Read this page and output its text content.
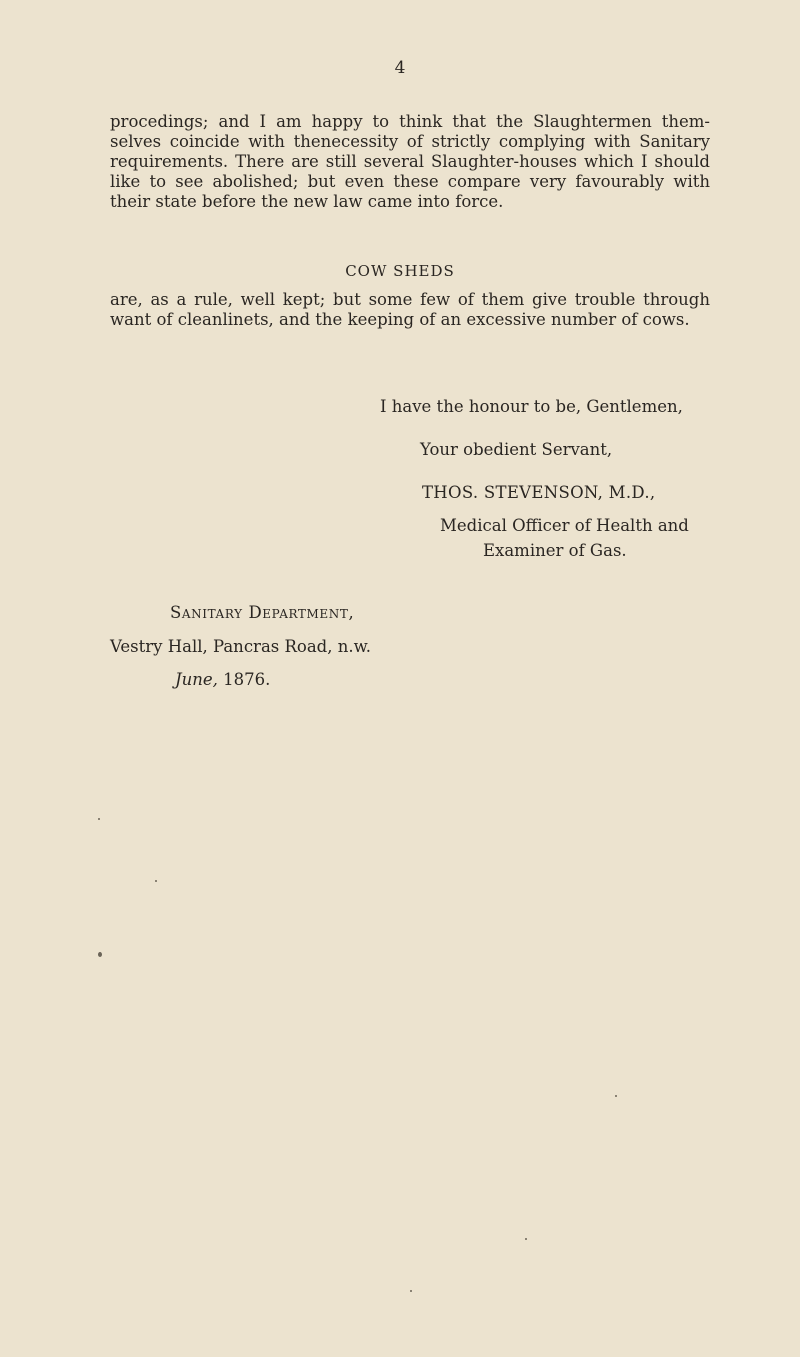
4

procedings; and I am happy to think that the Slaughtermen them-selves coincide with thenecessity of strictly complying with Sanitary requirements. There are still several Slaughter-houses which I should like to see abolished; but even these compare very favourably with their state before the new law came into force.

COW SHEDS

are, as a rule, well kept; but some few of them give trouble through want of cleanlinets, and the keeping of an excessive number of cows.

I have the honour to be, Gentlemen,
Your obedient Servant,
THOS. STEVENSON, M.D.,
Medical Officer of Health and
Examiner of Gas.
Sanitary Department,
Vestry Hall, Pancras Road, n.w.
June, 1876.
